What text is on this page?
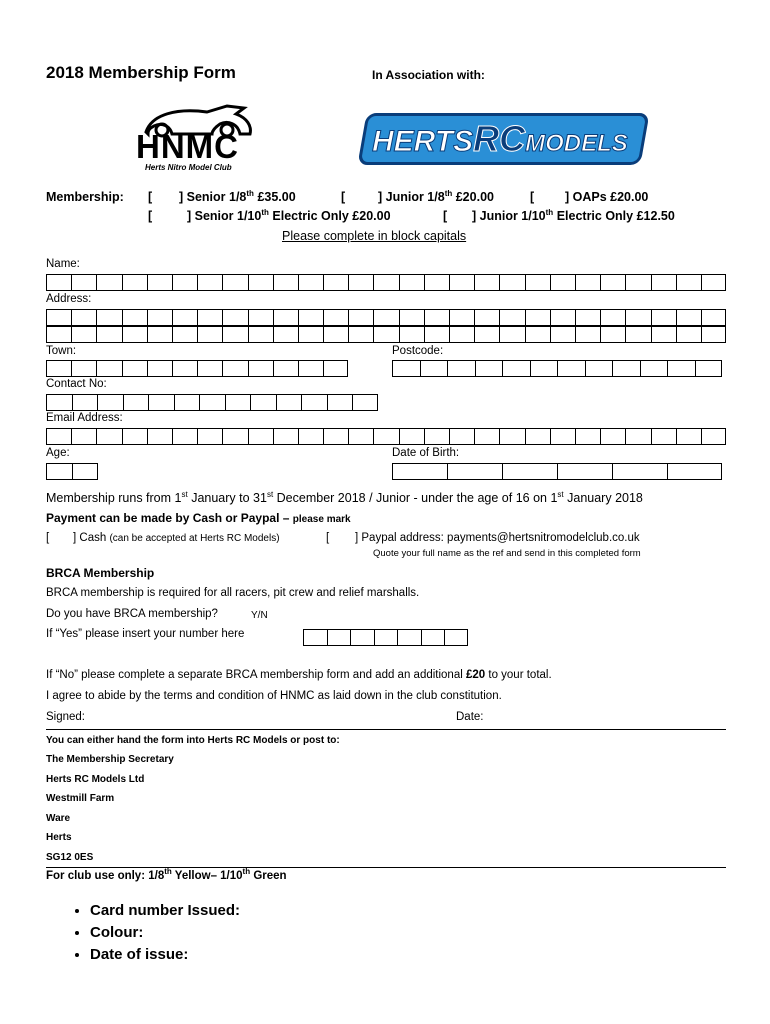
2018 Membership Form	In Association with:
HNMC
Herts Nitro Model Club
HERTSRCMODELS
Membership: [ ] Senior 1/8th £35.00	[	] Junior 1/8th £20.00	[ ] OAPs £20.00
[	] Senior 1/10th Electric Only £20.00	[ ] Junior 1/10th Electric Only £12.50
Please complete in block capitals
Name:
Address:
Town:	Postcode:
Contact No:
Email Address:
Age:	Date of Birth:
Membership runs from 1st January to 31st December 2018 / Junior - under the age of 16 on 1st January 2018
Payment can be made by Cash or Paypal – please mark
[ ] Cash (can be accepted at Herts RC Models)	[ ] Paypal address: payments@hertsnitromodelclub.co.uk
Quote your full name as the ref and send in this completed form
BRCA Membership
BRCA membership is required for all racers, pit crew and relief marshalls.
Do you have BRCA membership?	Y/N
If “Yes” please insert your number here
If “No” please complete a separate BRCA membership form and add an additional £20 to your total.
I agree to abide by the terms and condition of HNMC as laid down in the club constitution.
Signed:	Date:
You can either hand the form into Herts RC Models or post to:
The Membership Secretary
Herts RC Models Ltd
Westmill Farm
Ware
Herts
SG12 0ES
For club use only: 1/8th Yellow– 1/10th Green
• Card number Issued:
• Colour:
• Date of issue:
